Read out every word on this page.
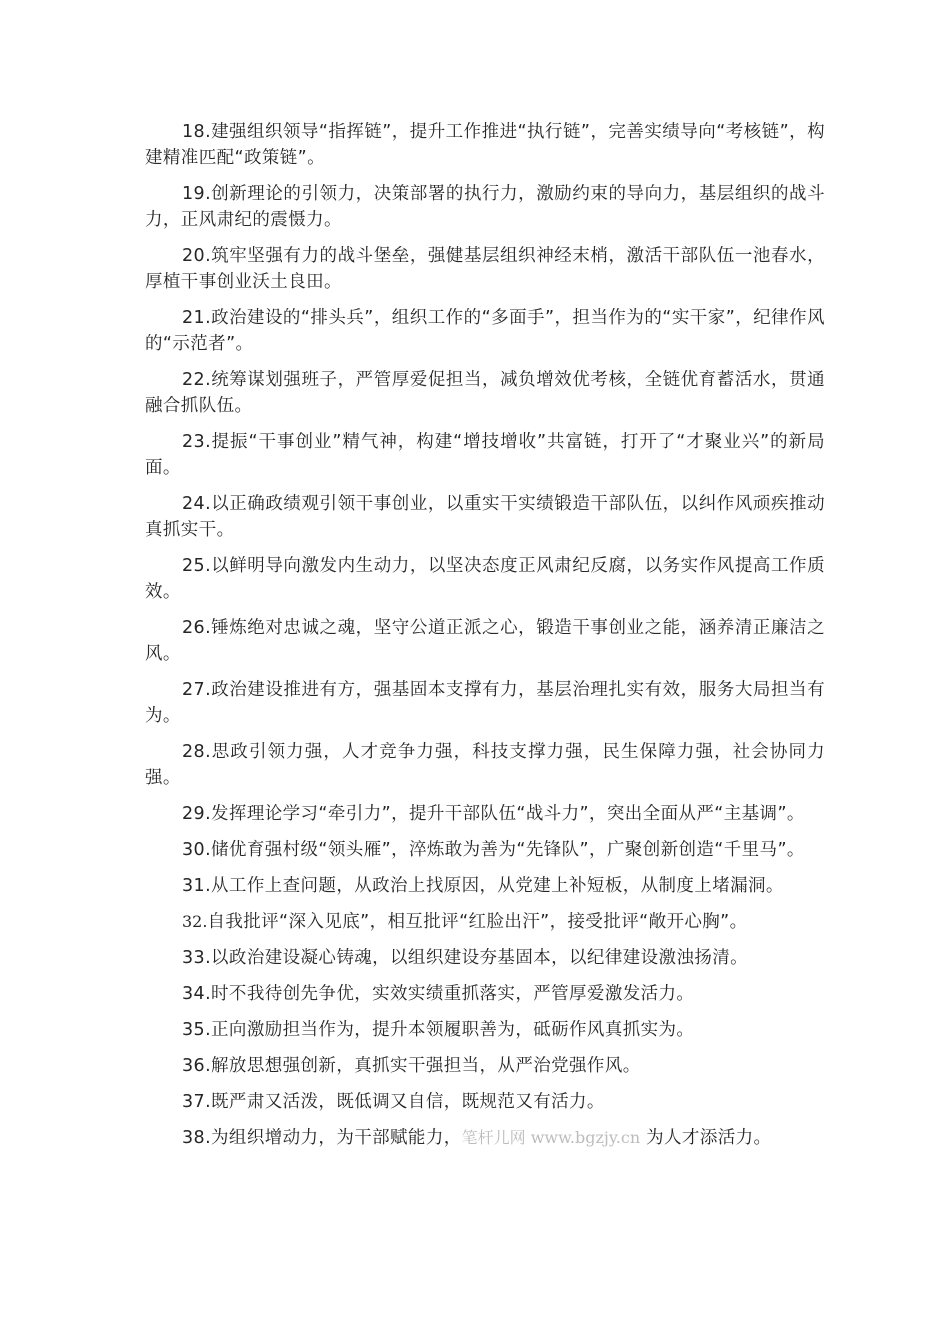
18.建强组织领导“指挥链”，提升工作推进“执行链”，完善实绩导向“考核链”，构建精准匹配“政策链”。

19.创新理论的引领力，决策部署的执行力，激励约束的导向力，基层组织的战斗力，正风肃纪的震慑力。

20.筑牢坚强有力的战斗堡垒，强健基层组织神经末梢，激活干部队伍一池春水，厚植干事创业沃土良田。

21.政治建设的“排头兵”，组织工作的“多面手”，担当作为的“实干家”，纪律作风的“示范者”。

22.统筹谋划强班子，严管厚爱促担当，减负增效优考核，全链优育蓄活水，贯通融合抓队伍。

23.提振“干事创业”精气神，构建“增技增收”共富链，打开了“才聚业兴”的新局面。

24.以正确政绩观引领干事创业，以重实干实绩锻造干部队伍，以纠作风顽疾推动真抓实干。

25.以鲜明导向激发内生动力，以坚决态度正风肃纪反腐，以务实作风提高工作质效。

26.锤炼绝对忠诚之魂，坚守公道正派之心，锻造干事创业之能，涵养清正廉洁之风。

27.政治建设推进有方，强基固本支撑有力，基层治理扎实有效，服务大局担当有为。

28.思政引领力强，人才竞争力强，科技支撑力强，民生保障力强，社会协同力强。

29.发挥理论学习“牵引力”，提升干部队伍“战斗力”，突出全面从严“主基调”。

30.储优育强村级“领头雁”，淬炼敢为善为“先锋队”，广聚创新创造“千里马”。

31.从工作上查问题，从政治上找原因，从党建上补短板，从制度上堵漏洞。

32.自我批评“深入见底”，相互批评“红脸出汗”，接受批评“敞开心胸”。

33.以政治建设凝心铸魂，以组织建设夯基固本，以纪律建设激浊扬清。

34.时不我待创先争优，实效实绩重抓落实，严管厚爱激发活力。

35.正向激励担当作为，提升本领履职善为，砥砺作风真抓实为。

36.解放思想强创新，真抓实干强担当，从严治党强作风。

37.既严肃又活泼，既低调又自信，既规范又有活力。

38.为组织增动力，为干部赋能力，笔杆儿网 www.bgzjy.cn 为人才添活力。
